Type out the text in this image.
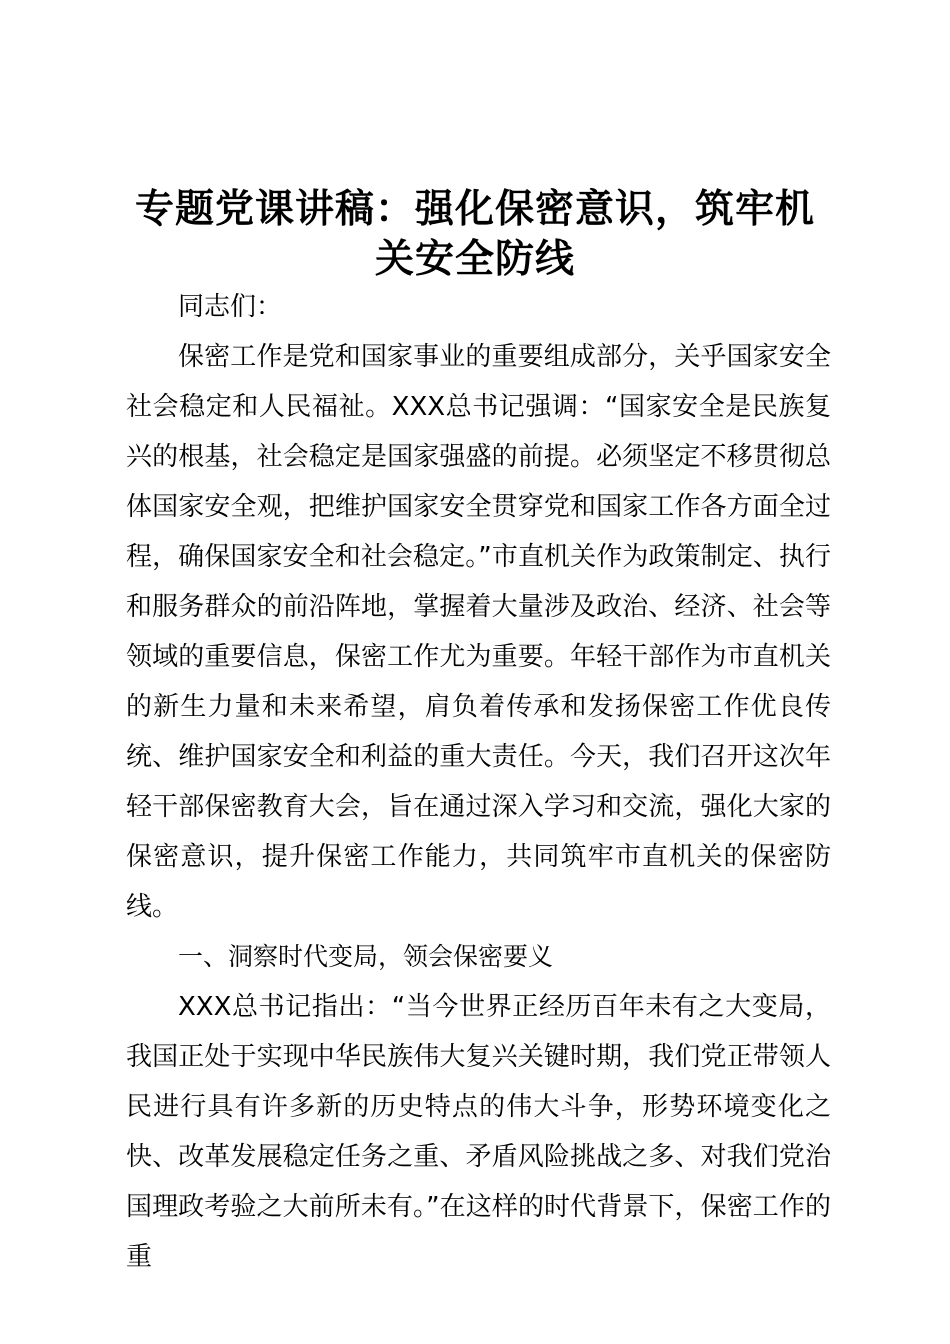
专题党课讲稿：强化保密意识，筑牢机关安全防线

同志们：

保密工作是党和国家事业的重要组成部分，关乎国家安全社会稳定和人民福祉。XXX总书记强调：“国家安全是民族复兴的根基，社会稳定是国家强盛的前提。必须坚定不移贯彻总体国家安全观，把维护国家安全贯穿党和国家工作各方面全过程，确保国家安全和社会稳定。”市直机关作为政策制定、执行和服务群众的前沿阵地，掌握着大量涉及政治、经济、社会等领域的重要信息，保密工作尤为重要。年轻干部作为市直机关的新生力量和未来希望，肩负着传承和发扬保密工作优良传统、维护国家安全和利益的重大责任。今天，我们召开这次年轻干部保密教育大会，旨在通过深入学习和交流，强化大家的保密意识，提升保密工作能力，共同筑牢市直机关的保密防线。

一、洞察时代变局，领会保密要义

XXX总书记指出：“当今世界正经历百年未有之大变局，我国正处于实现中华民族伟大复兴关键时期，我们党正带领人民进行具有许多新的历史特点的伟大斗争，形势环境变化之快、改革发展稳定任务之重、矛盾风险挑战之多、对我们党治国理政考验之大前所未有。”在这样的时代背景下，保密工作的重
